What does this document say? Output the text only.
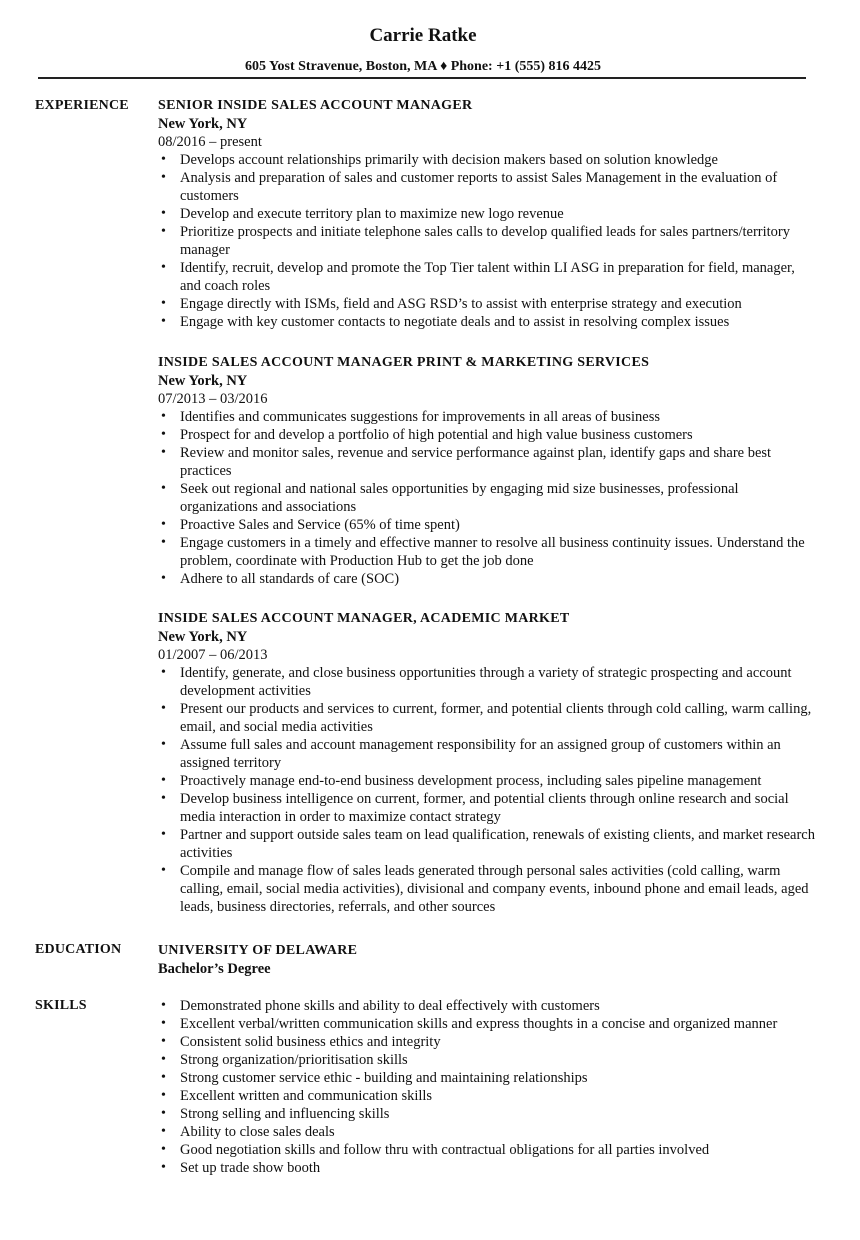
Carrie Ratke
605 Yost Stravenue, Boston, MA ♦ Phone: +1 (555) 816 4425
EXPERIENCE SENIOR INSIDE SALES ACCOUNT MANAGER
New York, NY
08/2016 – present
• Develops account relationships primarily with decision makers based on solution knowledge
• Analysis and preparation of sales and customer reports to assist Sales Management in the evaluation of customers
• Develop and execute territory plan to maximize new logo revenue
• Prioritize prospects and initiate telephone sales calls to develop qualified leads for sales partners/territory manager
• Identify, recruit, develop and promote the Top Tier talent within LI ASG in preparation for field, manager, and coach roles
• Engage directly with ISMs, field and ASG RSD’s to assist with enterprise strategy and execution
• Engage with key customer contacts to negotiate deals and to assist in resolving complex issues
INSIDE SALES ACCOUNT MANAGER PRINT & MARKETING SERVICES
New York, NY
07/2013 – 03/2016
• Identifies and communicates suggestions for improvements in all areas of business
• Prospect for and develop a portfolio of high potential and high value business customers
• Review and monitor sales, revenue and service performance against plan, identify gaps and share best practices
• Seek out regional and national sales opportunities by engaging mid size businesses, professional organizations and associations
• Proactive Sales and Service (65% of time spent)
• Engage customers in a timely and effective manner to resolve all business continuity issues. Understand the problem, coordinate with Production Hub to get the job done
• Adhere to all standards of care (SOC)
INSIDE SALES ACCOUNT MANAGER, ACADEMIC MARKET
New York, NY
01/2007 – 06/2013
• Identify, generate, and close business opportunities through a variety of strategic prospecting and account development activities
• Present our products and services to current, former, and potential clients through cold calling, warm calling, email, and social media activities
• Assume full sales and account management responsibility for an assigned group of customers within an assigned territory
• Proactively manage end-to-end business development process, including sales pipeline management
• Develop business intelligence on current, former, and potential clients through online research and social media interaction in order to maximize contact strategy
• Partner and support outside sales team on lead qualification, renewals of existing clients, and market research activities
• Compile and manage flow of sales leads generated through personal sales activities (cold calling, warm calling, email, social media activities), divisional and company events, inbound phone and email leads, aged leads, business directories, referrals, and other sources
EDUCATION	UNIVERSITY OF DELAWARE
Bachelor’s Degree
SKILLS	• Demonstrated phone skills and ability to deal effectively with customers
• Excellent verbal/written communication skills and express thoughts in a concise and organized manner
• Consistent solid business ethics and integrity
• Strong organization/prioritisation skills
• Strong customer service ethic - building and maintaining relationships
• Excellent written and communication skills
• Strong selling and influencing skills
• Ability to close sales deals
• Good negotiation skills and follow thru with contractual obligations for all parties involved
• Set up trade show booth
